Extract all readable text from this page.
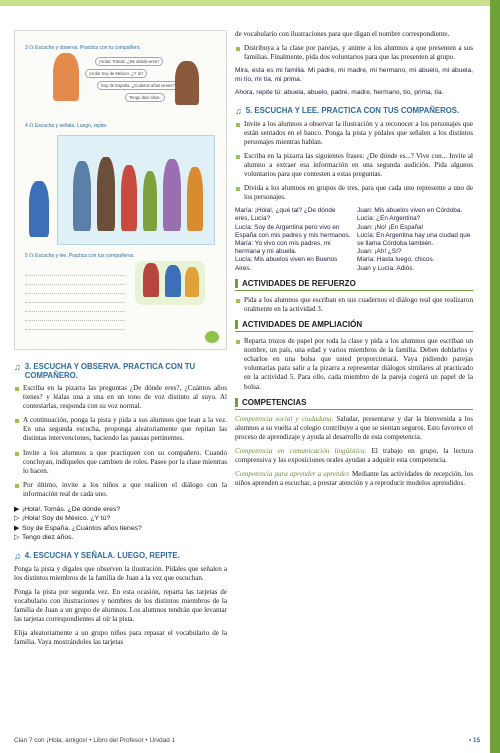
3 ☊ Escucha y observa. Practica con tu compañero.
¡Hola!, Tomás. ¿De dónde eres?
¡Hola! Soy de México. ¿Y tú?
Soy de España. ¿Cuántos años tienes?
Tengo diez años.
4 ☊ Escucha y señala. Luego, repite.
5 ☊ Escucha y lee. Practica con tus compañeros.
♫ 3. ESCUCHA Y OBSERVA. PRACTICA CON TU COMPAÑERO.

Escriba en la pizarra las preguntas ¿De dónde eres?, ¿Cuántos años tienes? y léalas una a una en un tono de voz distinto al suyo. Al contestarlas, responda con su voz normal.

A continuación, ponga la pista y pida a sus alumnos que lean a la vez. En una segunda escucha, proponga aleatoriamente que repitan las distintas intervenciones, haciendo las pausas pertinentes.

Invite a los alumnos a que practiquen con su compañero. Cuando concluyan, indíqueles que cambien de roles. Pasee por la clase mientras lo hacen.

Por último, invite a los niños a que realicen el diálogo con la información real de cada uno.

▶ ¡Hola!, Tomás. ¿De dónde eres?
▷ ¡Hola! Soy de México. ¿Y tú?
▶ Soy de España. ¿Cuántos años tienes?
▷ Tengo diez años.
♫ 4. ESCUCHA Y SEÑALA. LUEGO, REPITE.

Ponga la pista y dígales que observen la ilustración. Pídales que señalen a los distintos miembros de la familia de Juan a la vez que escuchan.

Ponga la pista por segunda vez. En esta ocasión, reparta las tarjetas de vocabulario con ilustraciones y nombres de los distintos miembros de la familia de Juan a un grupo de alumnos. Los alumnos tendrán que levantar las tarjetas correspondientes al oír la pista.

Elija aleatoriamente a un grupo niños para repasar el vocabulario de la familia. Vaya mostrándoles las tarjetas

de vocabulario con ilustraciones para que digan el nombre correspondiente.

Distribuya a la clase por parejas, y anime a los alumnos a que presenten a sus familias. Finalmente, pida dos voluntarios para que las presenten al grupo.

Mira, esta es mi familia. Mi padre, mi madre, mi hermano, mi abuelo, mi abuela, mi tío, mi tía, mi prima.

Ahora, repite tú: abuela, abuelo, padre, madre, hermano, tío, prima, tía.

♫ 5. ESCUCHA Y LEE. PRACTICA CON TUS COMPAÑEROS.

Invite a los alumnos a observar la ilustración y a reconocer a los personajes que están sentados en el banco. Ponga la pista y pídales que señalen a los distintos personajes mientras hablan.

Escriba en la pizarra las siguientes frases: ¿De dónde es...? Vive con... Invite al alumno a extraer esa información en una segunda audición. Pida algunos voluntarios para que contesten a estas preguntas.

Divida a los alumnos en grupos de tres, para que cada uno represente a uno de los personajes.

María: ¡Hola!, ¿qué tal? ¿De dónde eres, Lucía?
Lucía: Soy de Argentina pero vivo en España con mis padres y mis hermanos.
María: Yo vivo con mis padres, mi hermana y mi abuela.
Lucía: Mis abuelos viven en Buenos Aires.
Juan: Mis abuelos viven en Córdoba.
Lucía: ¿En Argentina?
Juan: ¡No! ¡En España!
Lucía: En Argentina hay una ciudad que se llama Córdoba también.
Juan: ¡Ah! ¿Sí?
María: Hasta luego, chicos.
Juan y Lucía: Adiós.
ACTIVIDADES DE REFUERZO

Pida a los alumnos que escriban en sus cuadernos el diálogo real que realizaron oralmente en la actividad 3.

ACTIVIDADES DE AMPLIACIÓN

Reparta trozos de papel por toda la clase y pida a los alumnos que escriban un nombre, un país, una edad y varios miembros de la familia. Deben doblarlos y echarlos en una bolsa que usted proporcionará. Vaya pidiendo parejas voluntarias para salir a la pizarra a representar diálogos similares al practicado en la actividad 5. Para ello, cada miembro de la pareja cogerá un papel de la bolsa.

COMPETENCIAS

Competencia social y ciudadana. Saludar, presentarse y dar la bienvenida a los alumnos a su vuelta al colegio contribuye a que se sientan seguros. Esto favorece el proceso de aprendizaje y ayuda al desarrollo de esta competencia.

Competencia en comunicación lingüística. El trabajo en grupo, la lectura comprensiva y las exposiciones orales ayudan a adquirir esta competencia.

Competencia para aprender a aprender. Mediante las actividades de recepción, los niños aprenden a escuchar, a prestar atención y a reproducir modelos aprendidos.

Clan 7 con ¡Hola, amigos! • Libro del Profesor • Unidad 1	▪ 15
